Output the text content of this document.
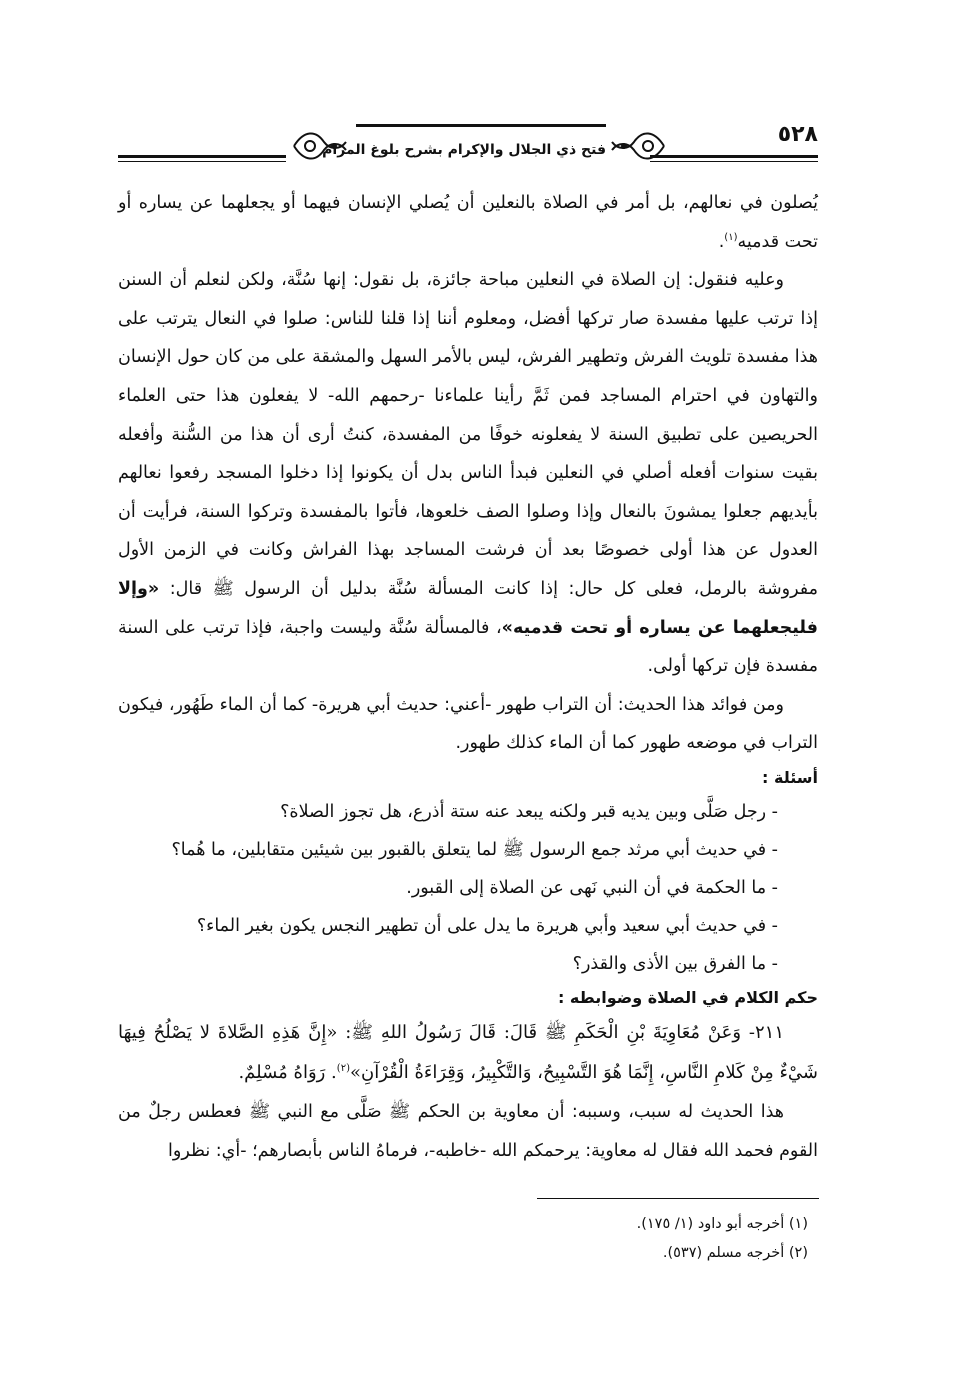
فتح ذي الجلال والإكرام بشرح بلوغ المرام
٥٢٨

يُصلون في نعالهم، بل أمر في الصلاة بالنعلين أن يُصلي الإنسان فيهما أو يجعلهما عن يساره أو تحت قدميه$^{(١)}$.

وعليه فنقول: إن الصلاة في النعلين مباحة جائزة، بل نقول: إنها سُنَّة، ولكن لنعلم أن السنن إذا ترتب عليها مفسدة صار تركها أفضل، ومعلوم أننا إذا قلنا للناس: صلوا في النعال يترتب على هذا مفسدة تلويث الفرش وتطهير الفرش، ليس بالأمر السهل والمشقة على من كان حول الإنسان والتهاون في احترام المساجد فمن ثَمَّ رأينا علماءنا -رحمهم الله- لا يفعلون هذا حتى العلماء الحريصين على تطبيق السنة لا يفعلونه خوفًا من المفسدة، كنتُ أرى أن هذا من السُّنة وأفعله بقيت سنوات أفعله أصلي في النعلين فبدأ الناس بدل أن يكونوا إذا دخلوا المسجد رفعوا نعالهم بأيديهم جعلوا يمشونَ بالنعال وإذا وصلوا الصف خلعوها، فأتوا بالمفسدة وتركوا السنة، فرأيت أن العدول عن هذا أولى خصوصًا بعد أن فرشت المساجد بهذا الفراش وكانت في الزمن الأول مفروشة بالرمل، فعلى كل حال: إذا كانت المسألة سُنَّة بدليل أن الرسول ﷺ قال: «وإلا فليجعلهما عن يساره أو تحت قدميه»، فالمسألة سُنَّة وليست واجبة، فإذا ترتب على السنة مفسدة فإن تركها أولى.

ومن فوائد هذا الحديث: أن التراب طهور -أعني: حديث أبي هريرة- كما أن الماء طَهُور، فيكون التراب في موضعه طهور كما أن الماء كذلك طهور.

أسئلة :

- رجل صَلَّى وبين يديه قبر ولكنه يبعد عنه ستة أذرع، هل تجوز الصلاة؟

- في حديث أبي مرثد جمع الرسول ﷺ لما يتعلق بالقبور بين شيئين متقابلين، ما هُما؟

- ما الحكمة في أن النبي نَهى عن الصلاة إلى القبور.

- في حديث أبي سعيد وأبي هريرة ما يدل على أن تطهير النجس يكون بغير الماء؟

- ما الفرق بين الأذى والقذر؟

حكم الكلام في الصلاة وضوابطه :

٢١١- وَعَنْ مُعَاوِيَةَ بْنِ الْحَكَمِ ﷺ قَالَ: قَالَ رَسُولُ اللهِ ﷺ: «إِنَّ هَذِهِ الصَّلاةَ لا يَصْلُحُ فِيهَا شَيْءٌ مِنْ كَلامِ النَّاسِ، إِنَّمَا هُوَ التَّسْبِيحُ، وَالتَّكْبِيرُ، وَقِرَاءَةُ الْقُرْآنِ»$^{(٢)}$. رَوَاهُ مُسْلِمٌ.

هذا الحديث له سبب، وسببه: أن معاوية بن الحكم ﷺ صَلَّى مع النبي ﷺ فعطس رجلٌ من القوم فحمد الله فقال له معاوية: يرحمكم الله -خاطبه-، فرماهُ الناس بأبصارهم؛ -أي: نظروا

(١) أخرجه أبو داود (١/ ١٧٥).

(٢) أخرجه مسلم (٥٣٧).
